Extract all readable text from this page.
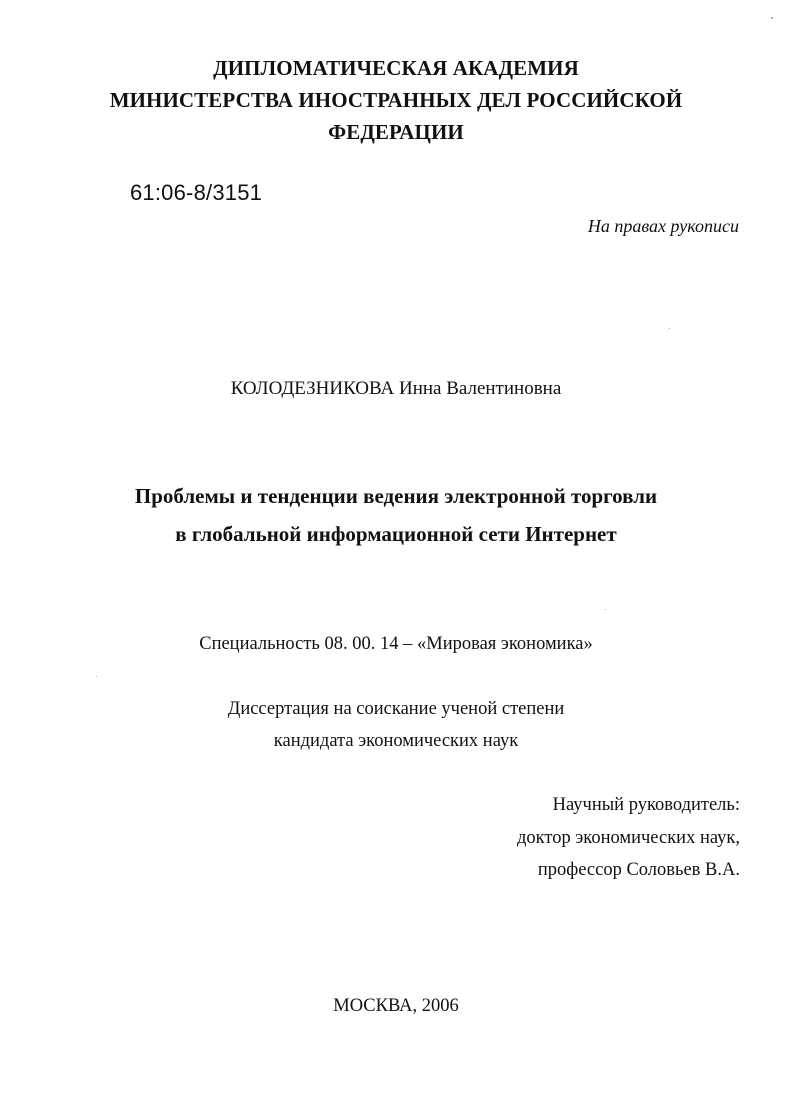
ДИПЛОМАТИЧЕСКАЯ АКАДЕМИЯ
МИНИСТЕРСТВА ИНОСТРАННЫХ ДЕЛ РОССИЙСКОЙ
ФЕДЕРАЦИИ
61:06-8/3151
На правах рукописи
КОЛОДЕЗНИКОВА Инна Валентиновна
Проблемы и тенденции ведения электронной торговли
в глобальной информационной сети Интернет
Специальность 08. 00. 14 – «Мировая экономика»
Диссертация на соискание ученой степени
кандидата экономических наук
Научный руководитель:
доктор экономических наук,
профессор Соловьев В.А.
МОСКВА, 2006
